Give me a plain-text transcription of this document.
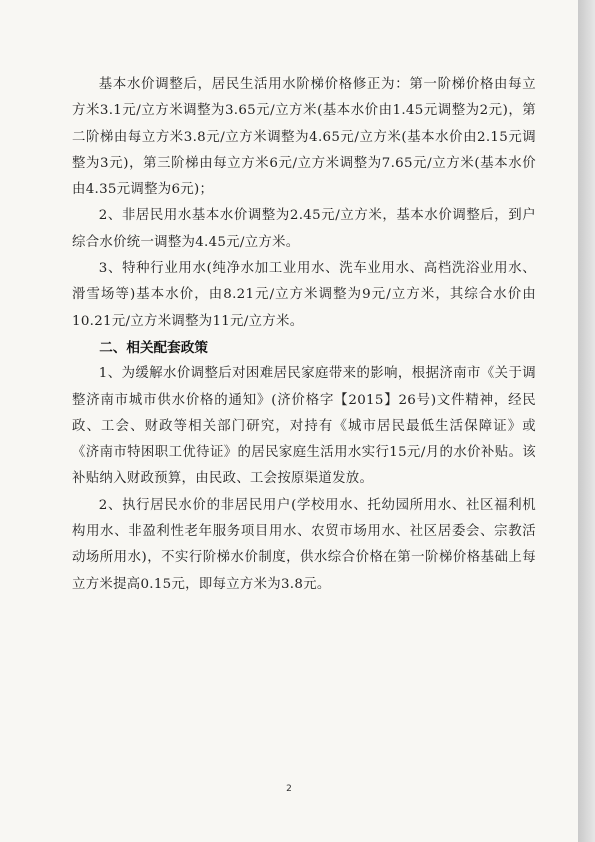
基本水价调整后，居民生活用水阶梯价格修正为：第一阶梯价格由每立方米3.1元/立方米调整为3.65元/立方米(基本水价由1.45元调整为2元)，第二阶梯由每立方米3.8元/立方米调整为4.65元/立方米(基本水价由2.15元调整为3元)，第三阶梯由每立方米6元/立方米调整为7.65元/立方米(基本水价由4.35元调整为6元)；

2、非居民用水基本水价调整为2.45元/立方米，基本水价调整后，到户综合水价统一调整为4.45元/立方米。

3、特种行业用水(纯净水加工业用水、洗车业用水、高档洗浴业用水、滑雪场等)基本水价，由8.21元/立方米调整为9元/立方米，其综合水价由10.21元/立方米调整为11元/立方米。

二、相关配套政策

1、为缓解水价调整后对困难居民家庭带来的影响，根据济南市《关于调整济南市城市供水价格的通知》(济价格字【2015】26号)文件精神，经民政、工会、财政等相关部门研究，对持有《城市居民最低生活保障证》或《济南市特困职工优待证》的居民家庭生活用水实行15元/月的水价补贴。该补贴纳入财政预算，由民政、工会按原渠道发放。

2、执行居民水价的非居民用户(学校用水、托幼园所用水、社区福利机构用水、非盈利性老年服务项目用水、农贸市场用水、社区居委会、宗教活动场所用水)，不实行阶梯水价制度，供水综合价格在第一阶梯价格基础上每立方米提高0.15元，即每立方米为3.8元。

2
